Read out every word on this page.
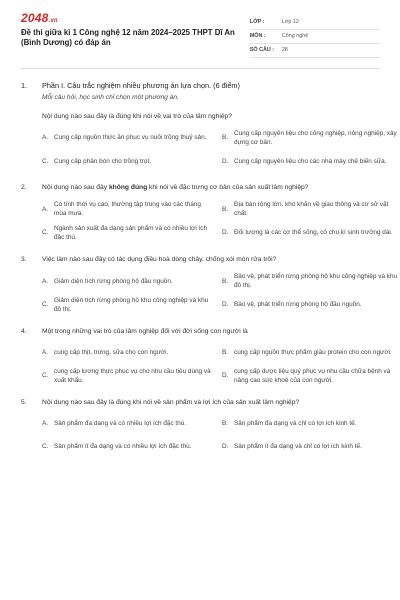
2048.vn
Đề thi giữa kì 1 Công nghệ 12 năm 2024–2025 THPT Dĩ An (Bình Dương) có đáp án
LỚP :	Lớp 12
MÔN :	Công nghệ
SỐ CÂU :	28
1. Phần I. Câu trắc nghiệm nhiều phương án lựa chọn. (6 điểm)
Mỗi câu hỏi, học sinh chỉ chọn một phương án.
Nội dung nào sau đây là đúng khi nói về vai trò của lâm nghiệp?
A. Cung cấp nguồn thức ăn phục vụ nuôi trồng thuỷ sản. B.
Cung cấp nguyên liệu cho công nghiệp, nông nghiệp, xây dựng cơ bản.
C. Cung cấp phân bón cho trồng trọt.	D. Cung cấp nguyên liệu cho các nhà máy chế biến sữa.
2.	Nội dung nào sau đây không đúng khi nói về đặc trưng cơ bản của sản xuất lâm nghiệp?
A.
Có tính thời vụ cao, thường tập trung vào các tháng mùa mưa.
B.
Địa bàn rộng lớn, khó khăn về giao thông và cơ sở vật chất.
C.
Ngành sản xuất đa dạng sản phẩm và có nhiều lợi ích đặc thù.
D. Đối tượng là các cơ thể sống, có chu kì sinh trưởng dài.
3.	Việc làm nào sau đây có tác dụng điều hoà dòng chảy, chống xói mòn rửa trôi?
A. Giảm diện tích rừng phòng hộ đầu nguồn.	B.
Bảo vệ, phát triển rừng phòng hộ khu công nghiệp và khu đô thị.
C.
Giảm diện tích rừng phòng hộ khu công nghiệp và khu đô thị.
D. Bảo vệ, phát triển rừng phòng hộ đầu nguồn.
4.	Một trong những vai trò của lâm nghiệp đối với đời sống con người là
A. cung cấp thịt, trứng, sữa cho con người.	B. cung cấp nguồn thực phẩm giàu protein cho con người.
C.
cung cấp lương thực phục vụ cho nhu cầu tiêu dùng và xuất khẩu.
D.
cung cấp dược liệu quý phục vụ nhu cầu chữa bệnh và nâng cao sức khoẻ của con người.
5.	Nội dung nào sau đây là đúng khi nói về sản phẩm và lợi ích của sản xuất lâm nghiệp?
A. Sản phẩm đa dạng và có nhiều lợi ích đặc thù.	B. Sản phẩm đa dạng và chỉ có lợi ích kinh tế.
C. Sản phẩm ít đa dạng và có nhiều lợi ích đặc thù.	D. Sản phẩm ít đa dạng và chỉ có lợi ích kinh tế.
